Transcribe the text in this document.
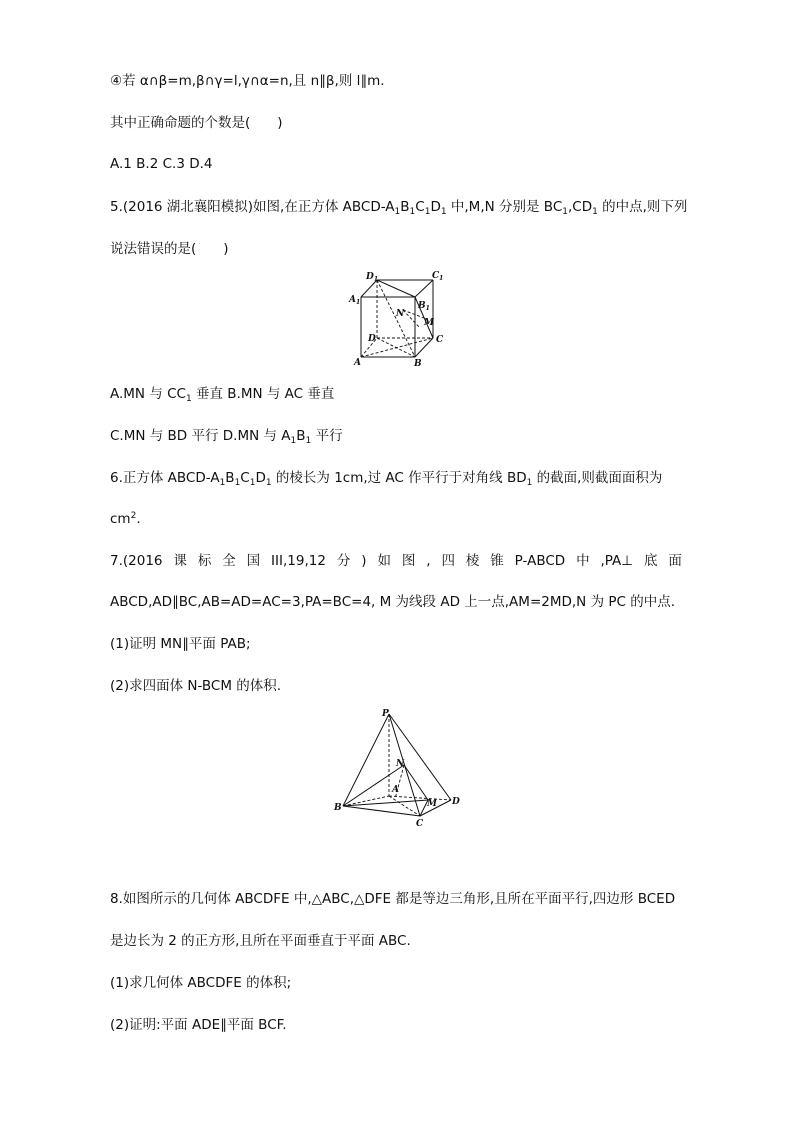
④若 α∩β=m,β∩γ=l,γ∩α=n,且 n∥β,则 l∥m.
其中正确命题的个数是(　　)
A.1 B.2 C.3 D.4
5.(2016 湖北襄阳模拟)如图,在正方体 ABCD-$A_1B_1C_1D_1$ 中,M,N 分别是 $BC_1,CD_1$ 的中点,则下列
说法错误的是(　　)
$D_1$	$C_1$
$A_1$	$B_1$
N
M
D	C
A	B
A.MN 与 $CC_1$ 垂直 B.MN 与 AC 垂直
C.MN 与 BD 平行 D.MN 与 $A_1B_1$ 平行
6.正方体 ABCD-$A_1B_1C_1D_1$ 的棱长为 1cm,过 AC 作平行于对角线 $BD_1$ 的截面,则截面面积为
$cm^2$.
7.(2016 课 标 全 国 III,19,12 分 ) 如 图 , 四 棱 锥 P-ABCD 中 ,PA⊥ 底 面
ABCD,AD∥BC,AB=AD=AC=3,PA=BC=4, M 为线段 AD 上一点,AM=2MD,N 为 PC 的中点.
(1)证明 MN∥平面 PAB;
(2)求四面体 N-BCM 的体积.
P
N
A
M D
B
C
8.如图所示的几何体 ABCDFE 中,△ABC,△DFE 都是等边三角形,且所在平面平行,四边形 BCED
是边长为 2 的正方形,且所在平面垂直于平面 ABC.
(1)求几何体 ABCDFE 的体积;
(2)证明:平面 ADE∥平面 BCF.
